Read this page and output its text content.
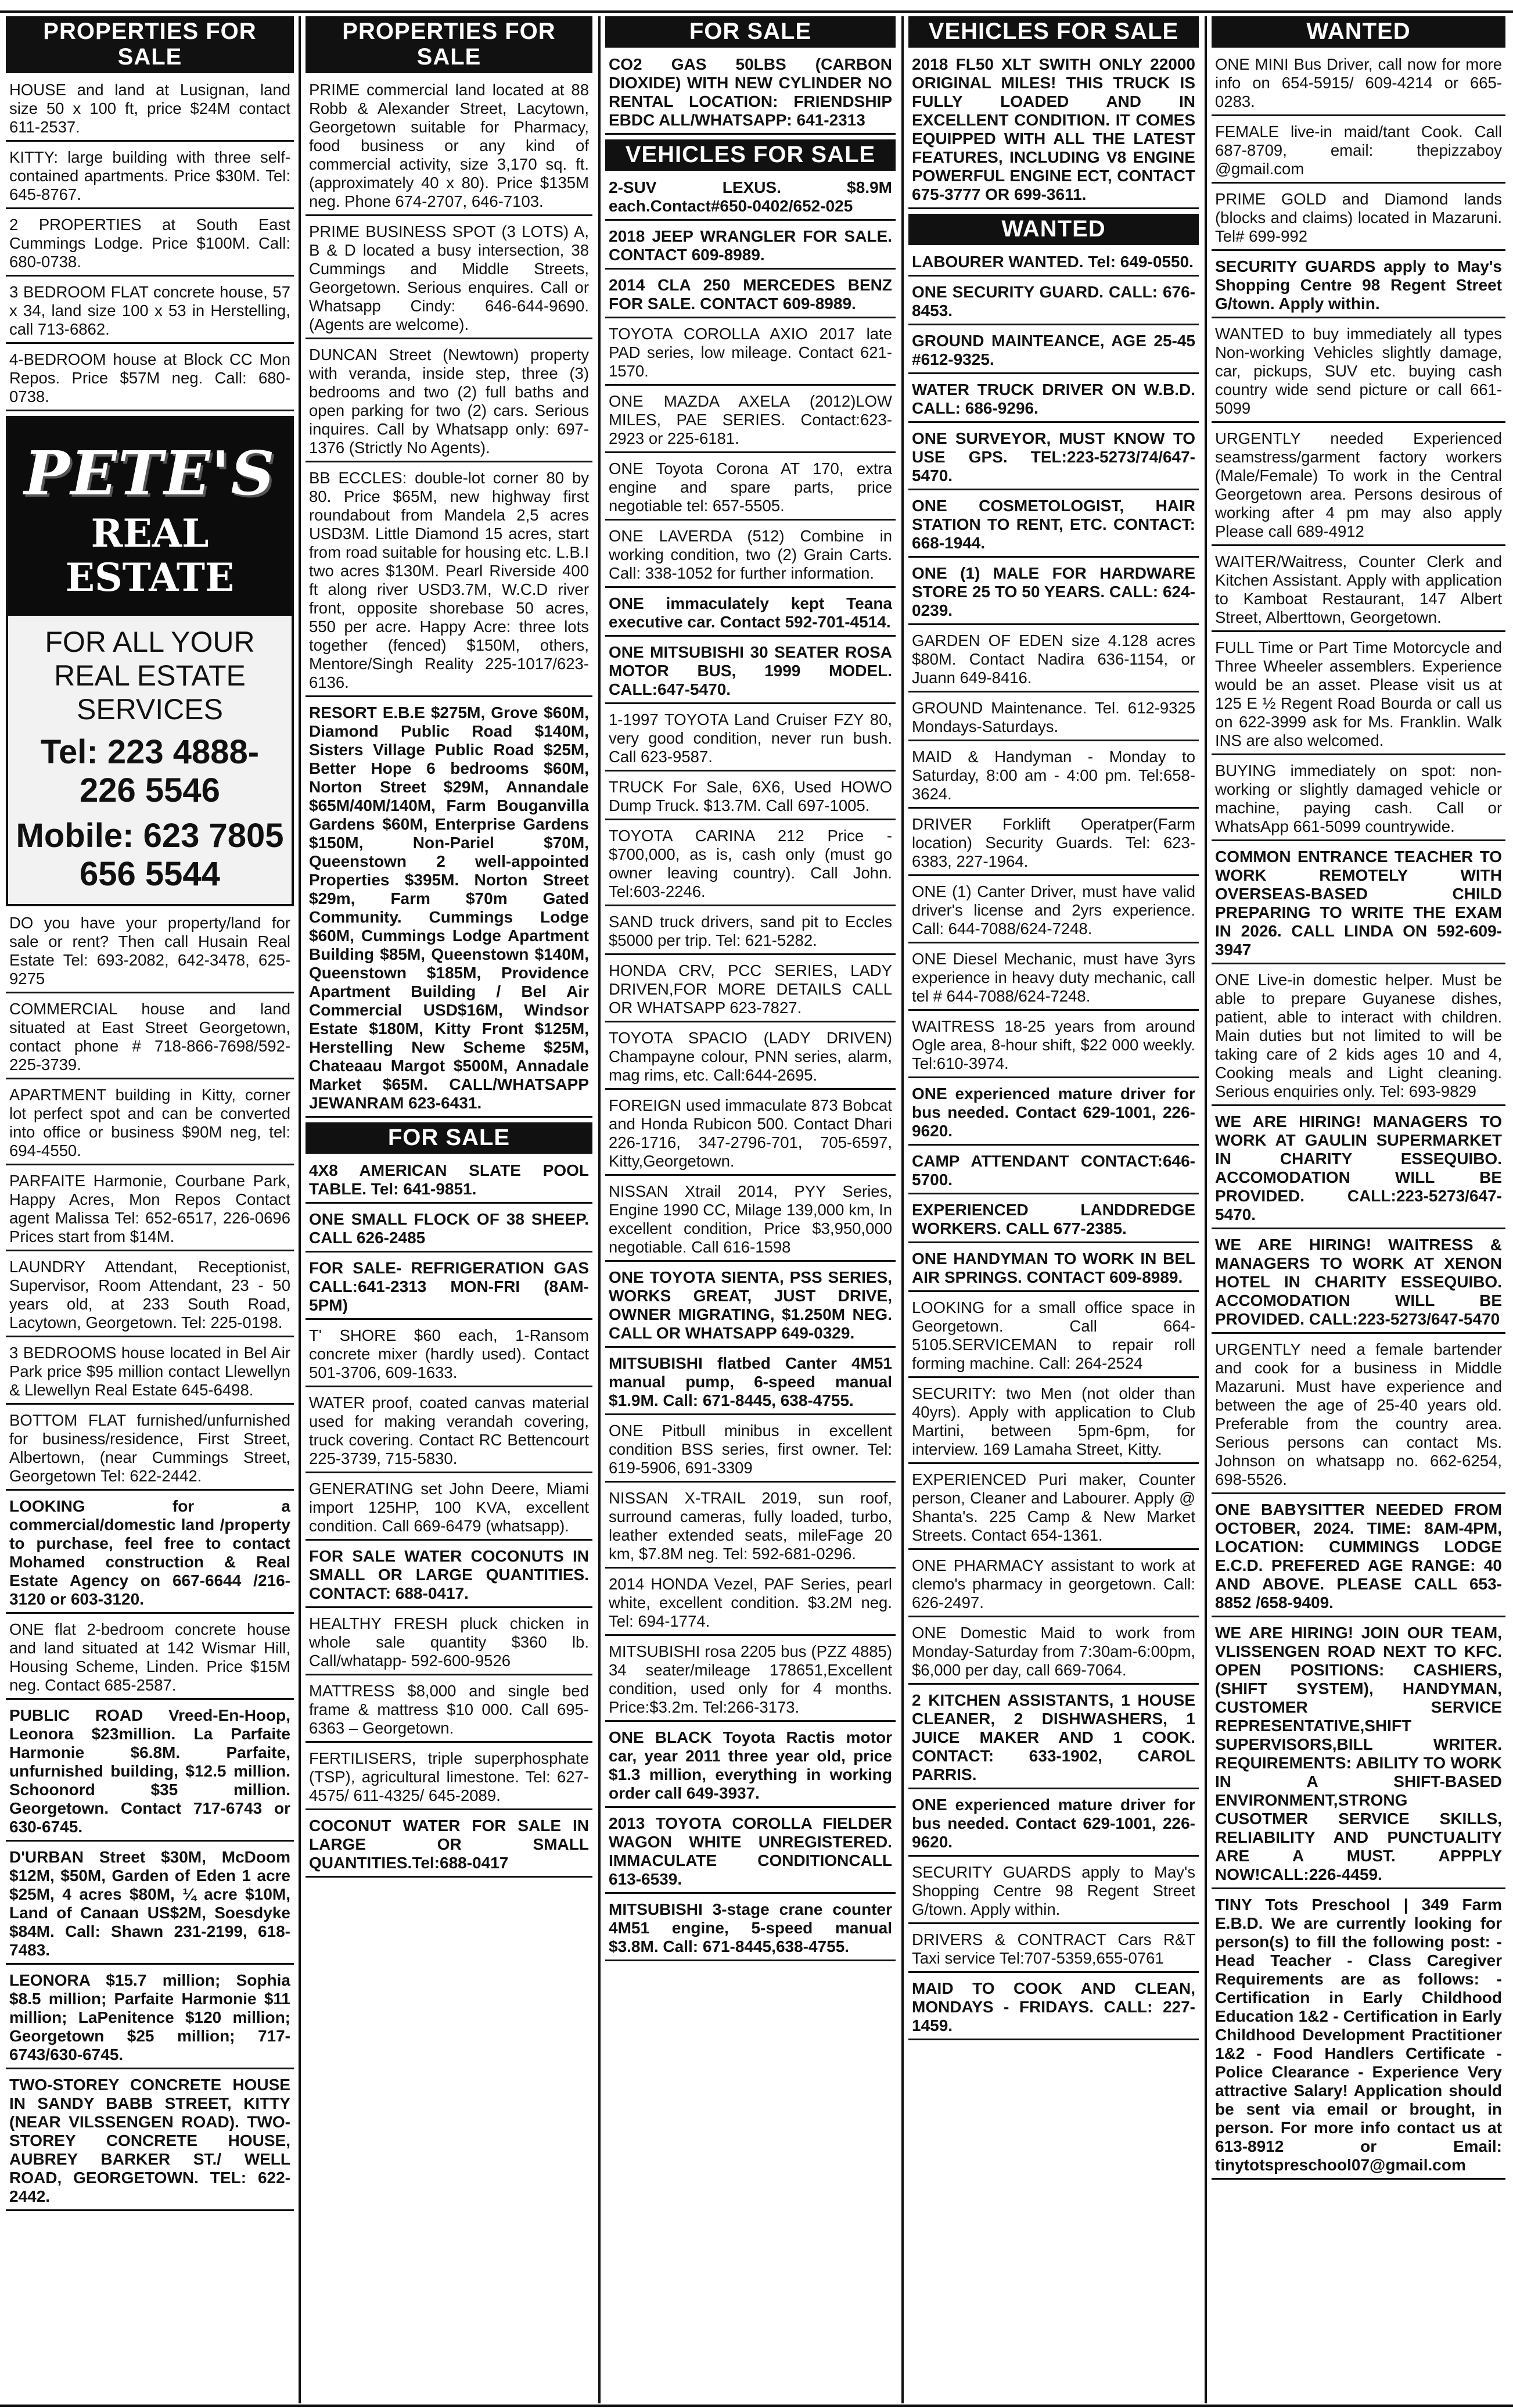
PROPERTIES FOR SALE
HOUSE and land at Lusignan, land size 50 x 100 ft, price $24M contact 611-2537.
KITTY: large building with three self-contained apartments. Price $30M. Tel: 645-8767.
2 PROPERTIES at South East Cummings Lodge. Price $100M. Call: 680-0738.
3 BEDROOM FLAT concrete house, 57 x 34, land size 100 x 53 in Herstelling, call 713-6862.
4-BEDROOM house at Block CC Mon Repos. Price $57M neg. Call: 680-0738.
PETE'S
REAL ESTATE
FOR ALL YOUR REAL ESTATE SERVICES
Tel: 223 4888-226 5546
Mobile: 623 7805 656 5544
DO you have your property/land for sale or rent? Then call Husain Real Estate Tel: 693-2082, 642-3478, 625-9275
COMMERCIAL house and land situated at East Street Georgetown, contact phone # 718-866-7698/592-225-3739.
APARTMENT building in Kitty, corner lot perfect spot and can be converted into office or business $90M neg, tel: 694-4550.
PARFAITE Harmonie, Courbane Park, Happy Acres, Mon Repos Contact agent Malissa Tel: 652-6517, 226-0696 Prices start from $14M.
LAUNDRY Attendant, Receptionist, Supervisor, Room Attendant, 23 - 50 years old, at 233 South Road, Lacytown, Georgetown. Tel: 225-0198.
3 BEDROOMS house located in Bel Air Park price $95 million contact Llewellyn & Llewellyn Real Estate 645-6498.
BOTTOM FLAT furnished/unfurnished for business/residence, First Street, Albertown, (near Cummings Street, Georgetown Tel: 622-2442.
LOOKING for a commercial/domestic land /property to purchase, feel free to contact Mohamed construction & Real Estate Agency on 667-6644 /216-3120 or 603-3120.
ONE flat 2-bedroom concrete house and land situated at 142 Wismar Hill, Housing Scheme, Linden. Price $15M neg. Contact 685-2587.
PUBLIC ROAD Vreed-En-Hoop, Leonora $23million. La Parfaite Harmonie $6.8M. Parfaite, unfurnished building, $12.5 million. Schoonord $35 million. Georgetown. Contact 717-6743 or 630-6745.
D'URBAN Street $30M, McDoom $12M, $50M, Garden of Eden 1 acre $25M, 4 acres $80M, ¼ acre $10M, Land of Canaan US$2M, Soesdyke $84M. Call: Shawn 231-2199, 618-7483.
LEONORA $15.7 million; Sophia $8.5 million; Parfaite Harmonie $11 million; LaPenitence $120 million; Georgetown $25 million; 717-6743/630-6745.
TWO-STOREY CONCRETE HOUSE IN SANDY BABB STREET, KITTY (NEAR VILSSENGEN ROAD). TWO-STOREY CONCRETE HOUSE, AUBREY BARKER ST./ WELL ROAD, GEORGETOWN. TEL: 622-2442.
PROPERTIES FOR SALE
PRIME commercial land located at 88 Robb & Alexander Street, Lacytown, Georgetown suitable for Pharmacy, food business or any kind of commercial activity, size 3,170 sq. ft. (approximately 40 x 80). Price $135M neg. Phone 674-2707, 646-7103.
PRIME BUSINESS SPOT (3 LOTS) A, B & D located a busy intersection, 38 Cummings and Middle Streets, Georgetown. Serious enquires. Call or Whatsapp Cindy: 646-644-9690. (Agents are welcome).
DUNCAN Street (Newtown) property with veranda, inside step, three (3) bedrooms and two (2) full baths and open parking for two (2) cars. Serious inquires. Call by Whatsapp only: 697-1376 (Strictly No Agents).
BB ECCLES: double-lot corner 80 by 80. Price $65M, new highway first roundabout from Mandela 2,5 acres USD3M. Little Diamond 15 acres, start from road suitable for housing etc. L.B.I two acres $130M. Pearl Riverside 400 ft along river USD3.7M, W.C.D river front, opposite shorebase 50 acres, 550 per acre. Happy Acre: three lots together (fenced) $150M, others, Mentore/Singh Reality 225-1017/623-6136.
RESORT E.B.E $275M, Grove $60M, Diamond Public Road $140M, Sisters Village Public Road $25M, Better Hope 6 bedrooms $60M, Norton Street $29M, Annandale $65M/40M/140M, Farm Bouganvilla Gardens $60M, Enterprise Gardens $150M, Non-Pariel $70M, Queenstown 2 well-appointed Properties $395M. Norton Street $29m, Farm $70m Gated Community. Cummings Lodge $60M, Cummings Lodge Apartment Building $85M, Queenstown $140M, Queenstown $185M, Providence Apartment Building / Bel Air Commercial USD$16M, Windsor Estate $180M, Kitty Front $125M, Herstelling New Scheme $25M, Chateaau Margot $500M, Annadale Market $65M. CALL/WHATSAPP JEWANRAM 623-6431.
FOR SALE
4X8 AMERICAN SLATE POOL TABLE. Tel: 641-9851.
ONE SMALL FLOCK OF 38 SHEEP. CALL 626-2485
FOR SALE- REFRIGERATION GAS CALL:641-2313 MON-FRI (8AM-5PM)
T' SHORE $60 each, 1-Ransom concrete mixer (hardly used). Contact 501-3706, 609-1633.
WATER proof, coated canvas material used for making verandah covering, truck covering. Contact RC Bettencourt 225-3739, 715-5830.
GENERATING set John Deere, Miami import 125HP, 100 KVA, excellent condition. Call 669-6479 (whatsapp).
FOR SALE WATER COCONUTS IN SMALL OR LARGE QUANTITIES. CONTACT: 688-0417.
HEALTHY FRESH pluck chicken in whole sale quantity $360 lb. Call/whatapp- 592-600-9526
MATTRESS $8,000 and single bed frame & mattress $10 000. Call 695-6363 – Georgetown.
FERTILISERS, triple superphosphate (TSP), agricultural limestone. Tel: 627-4575/ 611-4325/ 645-2089.
COCONUT WATER FOR SALE IN LARGE OR SMALL QUANTITIES.Tel:688-0417
FOR SALE
CO2 GAS 50LBS (CARBON DIOXIDE) WITH NEW CYLINDER NO RENTAL LOCATION: FRIENDSHIP EBDC ALL/WHATSAPP: 641-2313
VEHICLES FOR SALE
2-SUV LEXUS. $8.9M each.Contact#650-0402/652-025
2018 JEEP WRANGLER FOR SALE. CONTACT 609-8989.
2014 CLA 250 MERCEDES BENZ FOR SALE. CONTACT 609-8989.
TOYOTA COROLLA AXIO 2017 late PAD series, low mileage. Contact 621-1570.
ONE MAZDA AXELA (2012)LOW MILES, PAE SERIES. Contact:623-2923 or 225-6181.
ONE Toyota Corona AT 170, extra engine and spare parts, price negotiable tel: 657-5505.
ONE LAVERDA (512) Combine in working condition, two (2) Grain Carts. Call: 338-1052 for further information.
ONE immaculately kept Teana executive car. Contact 592-701-4514.
ONE MITSUBISHI 30 SEATER ROSA MOTOR BUS, 1999 MODEL. CALL:647-5470.
1-1997 TOYOTA Land Cruiser FZY 80, very good condition, never run bush. Call 623-9587.
TRUCK For Sale, 6X6, Used HOWO Dump Truck. $13.7M. Call 697-1005.
TOYOTA CARINA 212 Price - $700,000, as is, cash only (must go owner leaving country). Call John. Tel:603-2246.
SAND truck drivers, sand pit to Eccles $5000 per trip. Tel: 621-5282.
HONDA CRV, PCC SERIES, LADY DRIVEN,FOR MORE DETAILS CALL OR WHATSAPP 623-7827.
TOYOTA SPACIO (LADY DRIVEN) Champayne colour, PNN series, alarm, mag rims, etc. Call:644-2695.
FOREIGN used immaculate 873 Bobcat and Honda Rubicon 500. Contact Dhari 226-1716, 347-2796-701, 705-6597, Kitty,Georgetown.
NISSAN Xtrail 2014, PYY Series, Engine 1990 CC, Milage 139,000 km, In excellent condition, Price $3,950,000 negotiable. Call 616-1598
ONE TOYOTA SIENTA, PSS SERIES, WORKS GREAT, JUST DRIVE, OWNER MIGRATING, $1.250M NEG. CALL OR WHATSAPP 649-0329.
MITSUBISHI flatbed Canter 4M51 manual pump, 6-speed manual $1.9M. Call: 671-8445, 638-4755.
ONE Pitbull minibus in excellent condition BSS series, first owner. Tel: 619-5906, 691-3309
NISSAN X-TRAIL 2019, sun roof, surround cameras, fully loaded, turbo, leather extended seats, mileFage 20 km, $7.8M neg. Tel: 592-681-0296.
2014 HONDA Vezel, PAF Series, pearl white, excellent condition. $3.2M neg. Tel: 694-1774.
MITSUBISHI rosa 2205 bus (PZZ 4885) 34 seater/mileage 178651,Excellent condition, used only for 4 months. Price:$3.2m. Tel:266-3173.
ONE BLACK Toyota Ractis motor car, year 2011 three year old, price $1.3 million, everything in working order call 649-3937.
2013 TOYOTA COROLLA FIELDER WAGON WHITE UNREGISTERED. IMMACULATE CONDITIONCALL 613-6539.
MITSUBISHI 3-stage crane counter 4M51 engine, 5-speed manual $3.8M. Call: 671-8445,638-4755.
VEHICLES FOR SALE
2018 FL50 XLT SWITH ONLY 22000 ORIGINAL MILES! THIS TRUCK IS FULLY LOADED AND IN EXCELLENT CONDITION. IT COMES EQUIPPED WITH ALL THE LATEST FEATURES, INCLUDING V8 ENGINE POWERFUL ENGINE ECT, CONTACT 675-3777 OR 699-3611.
WANTED
LABOURER WANTED. Tel: 649-0550.
ONE SECURITY GUARD. CALL: 676-8453.
GROUND MAINTEANCE, AGE 25-45 #612-9325.
WATER TRUCK DRIVER ON W.B.D. CALL: 686-9296.
ONE SURVEYOR, MUST KNOW TO USE GPS. TEL:223-5273/74/647-5470.
ONE COSMETOLOGIST, HAIR STATION TO RENT, ETC. CONTACT: 668-1944.
ONE (1) MALE FOR HARDWARE STORE 25 TO 50 YEARS. CALL: 624-0239.
GARDEN OF EDEN size 4.128 acres $80M. Contact Nadira 636-1154, or Juann 649-8416.
GROUND Maintenance. Tel. 612-9325 Mondays-Saturdays.
MAID & Handyman - Monday to Saturday, 8:00 am - 4:00 pm. Tel:658-3624.
DRIVER Forklift Operatper(Farm location) Security Guards. Tel: 623-6383, 227-1964.
ONE (1) Canter Driver, must have valid driver's license and 2yrs experience. Call: 644-7088/624-7248.
ONE Diesel Mechanic, must have 3yrs experience in heavy duty mechanic, call tel # 644-7088/624-7248.
WAITRESS 18-25 years from around Ogle area, 8-hour shift, $22 000 weekly. Tel:610-3974.
ONE experienced mature driver for bus needed. Contact 629-1001, 226-9620.
CAMP ATTENDANT CONTACT:646-5700.
EXPERIENCED LANDDREDGE WORKERS. CALL 677-2385.
ONE HANDYMAN TO WORK IN BEL AIR SPRINGS. CONTACT 609-8989.
LOOKING for a small office space in Georgetown. Call 664-5105.SERVICEMAN to repair roll forming machine. Call: 264-2524
SECURITY: two Men (not older than 40yrs). Apply with application to Club Martini, between 5pm-6pm, for interview. 169 Lamaha Street, Kitty.
EXPERIENCED Puri maker, Counter person, Cleaner and Labourer. Apply @ Shanta's. 225 Camp & New Market Streets. Contact 654-1361.
ONE PHARMACY assistant to work at clemo's pharmacy in georgetown. Call: 626-2497.
ONE Domestic Maid to work from Monday-Saturday from 7:30am-6:00pm, $6,000 per day, call 669-7064.
2 KITCHEN ASSISTANTS, 1 HOUSE CLEANER, 2 DISHWASHERS, 1 JUICE MAKER AND 1 COOK. CONTACT: 633-1902, CAROL PARRIS.
ONE experienced mature driver for bus needed. Contact 629-1001, 226-9620.
SECURITY GUARDS apply to May's Shopping Centre 98 Regent Street G/town. Apply within.
DRIVERS & CONTRACT Cars R&T Taxi service Tel:707-5359,655-0761
MAID TO COOK AND CLEAN, MONDAYS - FRIDAYS. CALL: 227-1459.
WANTED
ONE MINI Bus Driver, call now for more info on 654-5915/ 609-4214 or 665-0283.
FEMALE live-in maid/tant Cook. Call 687-8709, email: thepizzaboy @gmail.com
PRIME GOLD and Diamond lands (blocks and claims) located in Mazaruni. Tel# 699-992
SECURITY GUARDS apply to May's Shopping Centre 98 Regent Street G/town. Apply within.
WANTED to buy immediately all types Non-working Vehicles slightly damage, car, pickups, SUV etc. buying cash country wide send picture or call 661-5099
URGENTLY needed Experienced seamstress/garment factory workers (Male/Female) To work in the Central Georgetown area. Persons desirous of working after 4 pm may also apply Please call 689-4912
WAITER/Waitress, Counter Clerk and Kitchen Assistant. Apply with application to Kamboat Restaurant, 147 Albert Street, Alberttown, Georgetown.
FULL Time or Part Time Motorcycle and Three Wheeler assemblers. Experience would be an asset. Please visit us at 125 E ½ Regent Road Bourda or call us on 622-3999 ask for Ms. Franklin. Walk INS are also welcomed.
BUYING immediately on spot: non-working or slightly damaged vehicle or machine, paying cash. Call or WhatsApp 661-5099 countrywide.
COMMON ENTRANCE TEACHER TO WORK REMOTELY WITH OVERSEAS-BASED CHILD PREPARING TO WRITE THE EXAM IN 2026. CALL LINDA ON 592-609-3947
ONE Live-in domestic helper. Must be able to prepare Guyanese dishes, patient, able to interact with children. Main duties but not limited to will be taking care of 2 kids ages 10 and 4, Cooking meals and Light cleaning. Serious enquiries only. Tel: 693-9829
WE ARE HIRING! MANAGERS TO WORK AT GAULIN SUPERMARKET IN CHARITY ESSEQUIBO. ACCOMODATION WILL BE PROVIDED. CALL:223-5273/647-5470.
WE ARE HIRING! WAITRESS & MANAGERS TO WORK AT XENON HOTEL IN CHARITY ESSEQUIBO. ACCOMODATION WILL BE PROVIDED. CALL:223-5273/647-5470
URGENTLY need a female bartender and cook for a business in Middle Mazaruni. Must have experience and between the age of 25-40 years old. Preferable from the country area. Serious persons can contact Ms. Johnson on whatsapp no. 662-6254, 698-5526.
ONE BABYSITTER NEEDED FROM OCTOBER, 2024. TIME: 8AM-4PM, LOCATION: CUMMINGS LODGE E.C.D. PREFERED AGE RANGE: 40 AND ABOVE. PLEASE CALL 653-8852 /658-9409.
WE ARE HIRING! JOIN OUR TEAM, VLISSENGEN ROAD NEXT TO KFC. OPEN POSITIONS: CASHIERS, (SHIFT SYSTEM), HANDYMAN, CUSTOMER SERVICE REPRESENTATIVE,SHIFT SUPERVISORS,BILL WRITER. REQUIREMENTS: ABILITY TO WORK IN A SHIFT-BASED ENVIRONMENT,STRONG CUSOTMER SERVICE SKILLS, RELIABILITY AND PUNCTUALITY ARE A MUST. APPPLY NOW!CALL:226-4459.
TINY Tots Preschool | 349 Farm E.B.D. We are currently looking for person(s) to fill the following post: - Head Teacher - Class Caregiver Requirements are as follows: - Certification in Early Childhood Education 1&2 - Certification in Early Childhood Development Practitioner 1&2 - Food Handlers Certificate - Police Clearance - Experience Very attractive Salary! Application should be sent via email or brought, in person. For more info contact us at 613-8912 or Email: tinytotspreschool07@gmail.com
